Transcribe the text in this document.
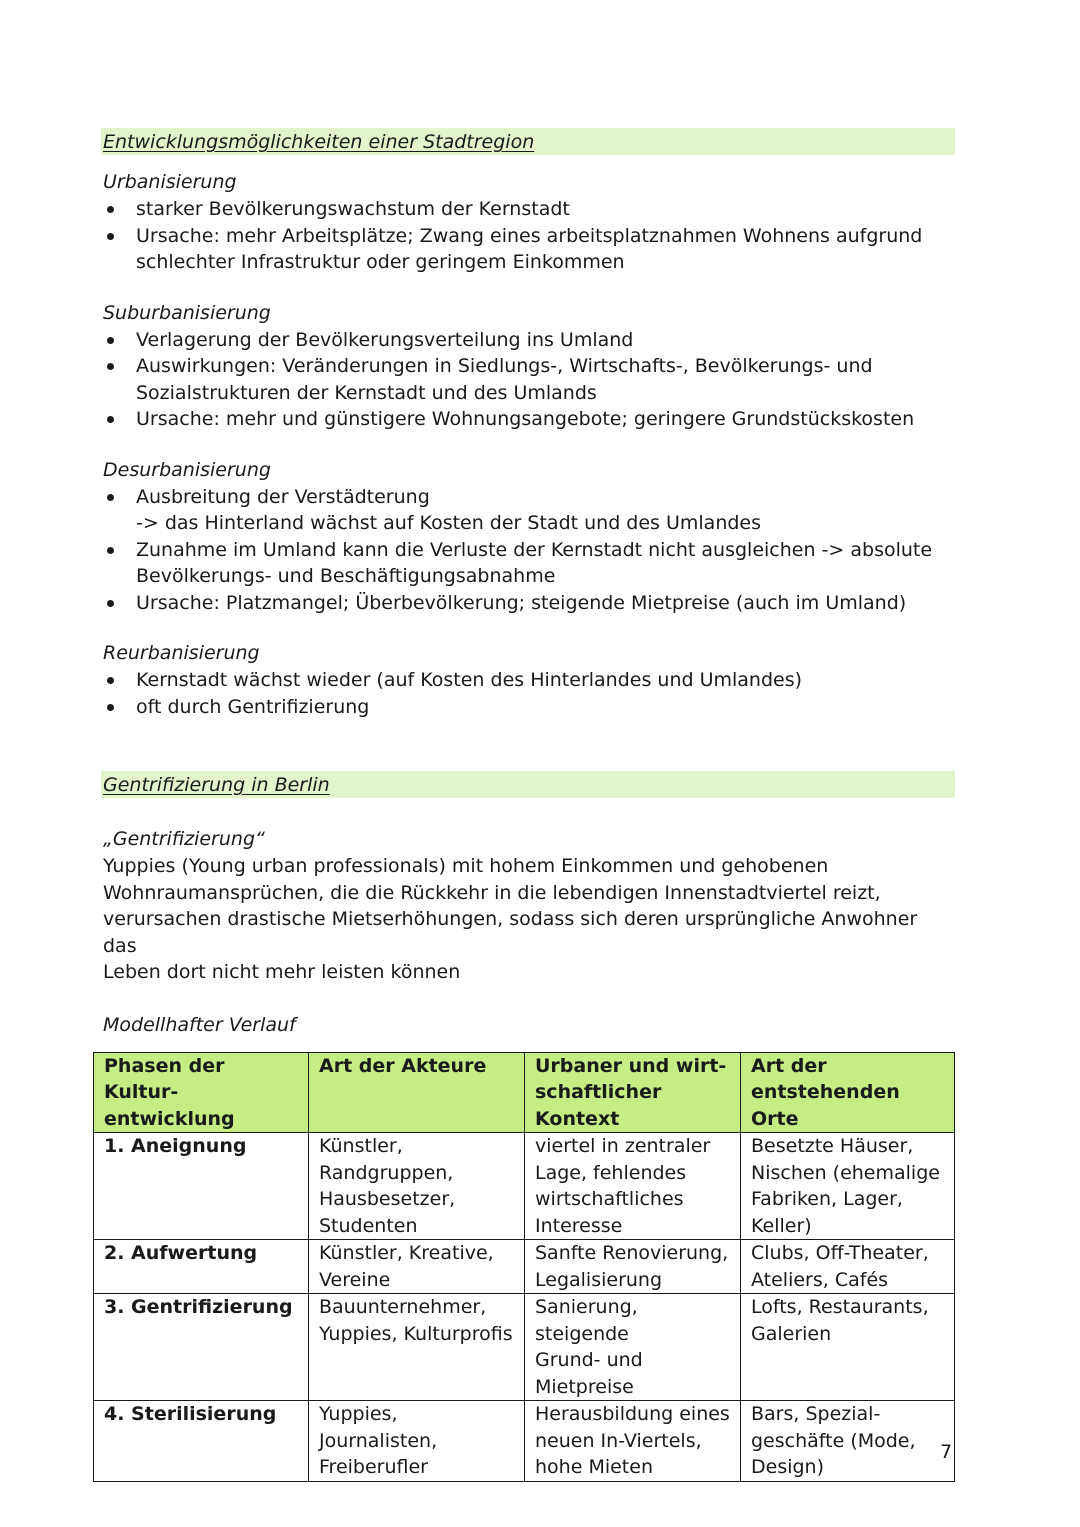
Entwicklungsmöglichkeiten einer Stadtregion
Urbanisierung
starker Bevölkerungswachstum der Kernstadt
Ursache: mehr Arbeitsplätze; Zwang eines arbeitsplatznahmen Wohnens aufgrund
schlechter Infrastruktur oder geringem Einkommen
Suburbanisierung
Verlagerung der Bevölkerungsverteilung ins Umland
Auswirkungen: Veränderungen in Siedlungs-, Wirtschafts-, Bevölkerungs- und
Sozialstrukturen der Kernstadt und des Umlands
Ursache: mehr und günstigere Wohnungsangebote; geringere Grundstückskosten
Desurbanisierung
Ausbreitung der Verstädterung
-> das Hinterland wächst auf Kosten der Stadt und des Umlandes
Zunahme im Umland kann die Verluste der Kernstadt nicht ausgleichen -> absolute
Bevölkerungs- und Beschäftigungsabnahme
Ursache: Platzmangel; Überbevölkerung; steigende Mietpreise (auch im Umland)
Reurbanisierung
Kernstadt wächst wieder (auf Kosten des Hinterlandes und Umlandes)
oft durch Gentrifizierung
Gentrifizierung in Berlin
„Gentrifizierung“
Yuppies (Young urban professionals) mit hohem Einkommen und gehobenen
Wohnraumansprüchen, die die Rückkehr in die lebendigen Innenstadtviertel reizt,
verursachen drastische Mietserhöhungen, sodass sich deren ursprüngliche Anwohner das
Leben dort nicht mehr leisten können
Modellhafter Verlauf
Phasen der Kultur-
entwicklung	Art der Akteure	Urbaner und wirt-
schaftlicher Kontext	Art der
entstehenden Orte

1. Aneignung	Künstler,
Randgruppen,
Hausbesetzer,
Studenten	viertel in zentraler
Lage, fehlendes
wirtschaftliches
Interesse	Besetzte Häuser,
Nischen (ehemalige
Fabriken, Lager,
Keller)

2. Aufwertung	Künstler, Kreative,
Vereine	Sanfte Renovierung,
Legalisierung	Clubs, Off-Theater,
Ateliers, Cafés

3. Gentrifizierung	Bauunternehmer,
Yuppies, Kulturprofis	Sanierung, steigende
Grund- und
Mietpreise	Lofts, Restaurants,
Galerien

4. Sterilisierung	Yuppies,
Journalisten,
Freiberufler	Herausbildung eines
neuen In-Viertels,
hohe Mieten	Bars, Spezial-
geschäfte (Mode,
Design)
7
